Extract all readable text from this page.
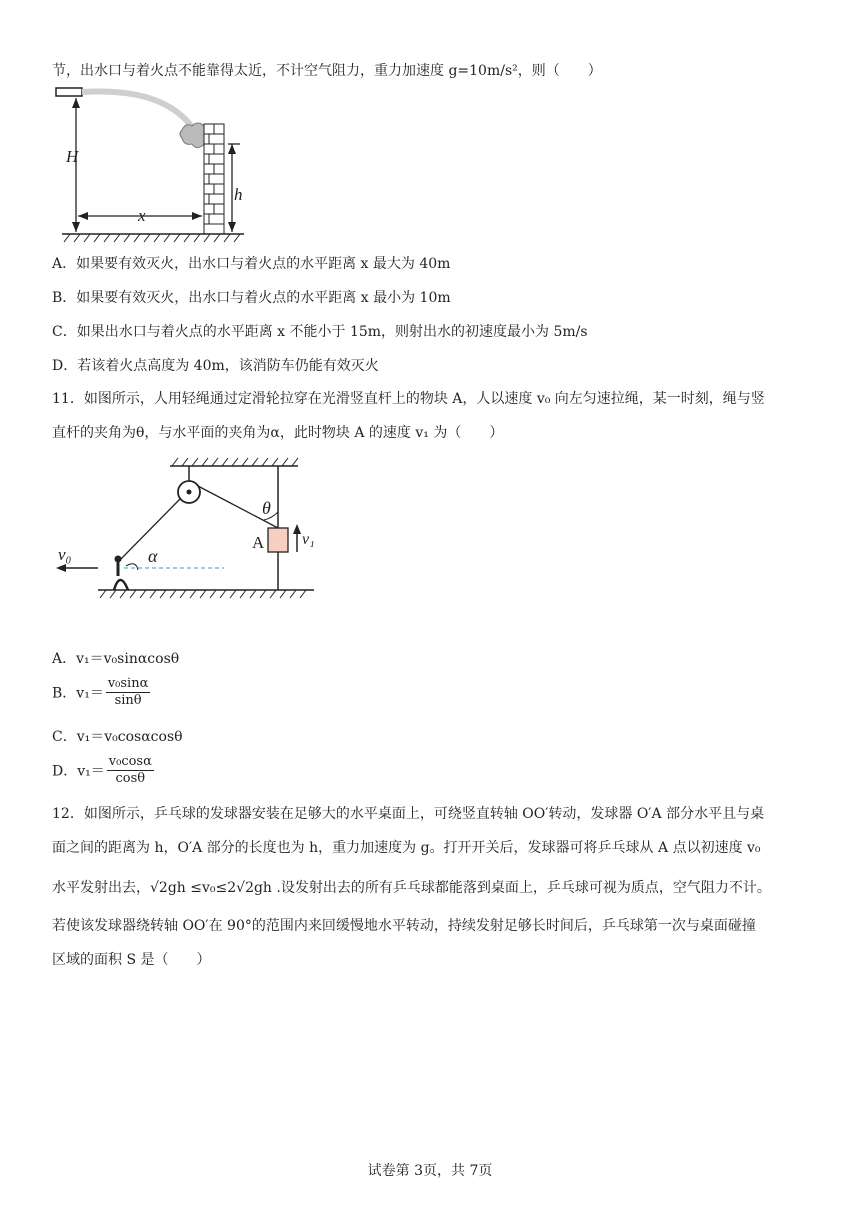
节，出水口与着火点不能靠得太近，不计空气阻力，重力加速度 g=10m/s²，则（　　）
H
h
x
A．如果要有效灭火，出水口与着火点的水平距离 x 最大为 40m
B．如果要有效灭火，出水口与着火点的水平距离 x 最小为 10m
C．如果出水口与着火点的水平距离 x 不能小于 15m，则射出水的初速度最小为 5m/s
D．若该着火点高度为 40m，该消防车仍能有效灭火
11．如图所示，人用轻绳通过定滑轮拉穿在光滑竖直杆上的物块 A，人以速度 v₀ 向左匀速拉绳，某一时刻，绳与竖
直杆的夹角为θ，与水平面的夹角为α，此时物块 A 的速度 v₁ 为（　　）
v₀	α
θ
A v₁
A．v₁＝v₀sinαcosθ
B．$v_1= \frac{\text{v₀sinα}}{\sin\theta}$
C．v₁＝v₀cosαcosθ
D．$v_1= \frac{\text{v₀cosα}}{\cos\theta}$
12．如图所示，乒乓球的发球器安装在足够大的水平桌面上，可绕竖直转轴 OO′转动，发球器 O′A 部分水平且与桌
面之间的距离为 h，O′A 部分的长度也为 h，重力加速度为 g。打开开关后，发球器可将乒乓球从 A 点以初速度 v₀
水平发射出去，√2gh ≤v₀≤2√2gh .设发射出去的所有乒乓球都能落到桌面上，乒乓球可视为质点，空气阻力不计。
若使该发球器绕转轴 OO′在 90°的范围内来回缓慢地水平转动，持续发射足够长时间后，乒乓球第一次与桌面碰撞
区域的面积 S 是（　　）
试卷第 3页，共 7页
